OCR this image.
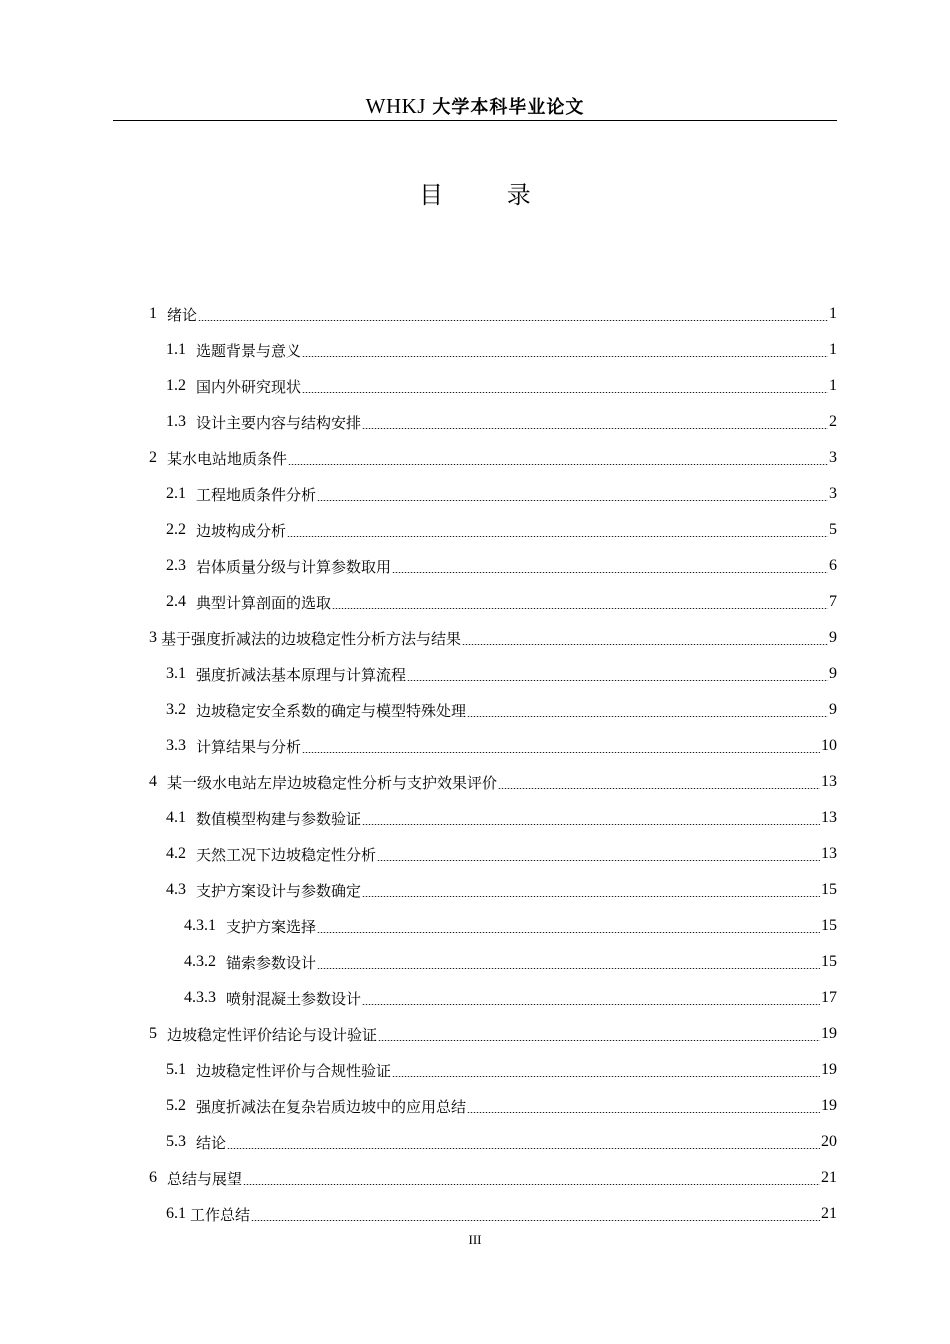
WHKJ 大学本科毕业论文
目 录
1 绪论	1
1.1 选题背景与意义	1
1.2 国内外研究现状	1
1.3 设计主要内容与结构安排	2
2 某水电站地质条件	3
2.1 工程地质条件分析	3
2.2 边坡构成分析	5
2.3 岩体质量分级与计算参数取用	6
2.4 典型计算剖面的选取	7
3 基于强度折减法的边坡稳定性分析方法与结果	9
3.1 强度折减法基本原理与计算流程	9
3.2 边坡稳定安全系数的确定与模型特殊处理	9
3.3 计算结果与分析	10
4 某一级水电站左岸边坡稳定性分析与支护效果评价	13
4.1 数值模型构建与参数验证	13
4.2 天然工况下边坡稳定性分析	13
4.3 支护方案设计与参数确定	15
4.3.1 支护方案选择	15
4.3.2 锚索参数设计	15
4.3.3 喷射混凝土参数设计	17
5 边坡稳定性评价结论与设计验证	19
5.1 边坡稳定性评价与合规性验证	19
5.2 强度折减法在复杂岩质边坡中的应用总结	19
5.3 结论	20
6 总结与展望	21
6.1 工作总结	21
III
